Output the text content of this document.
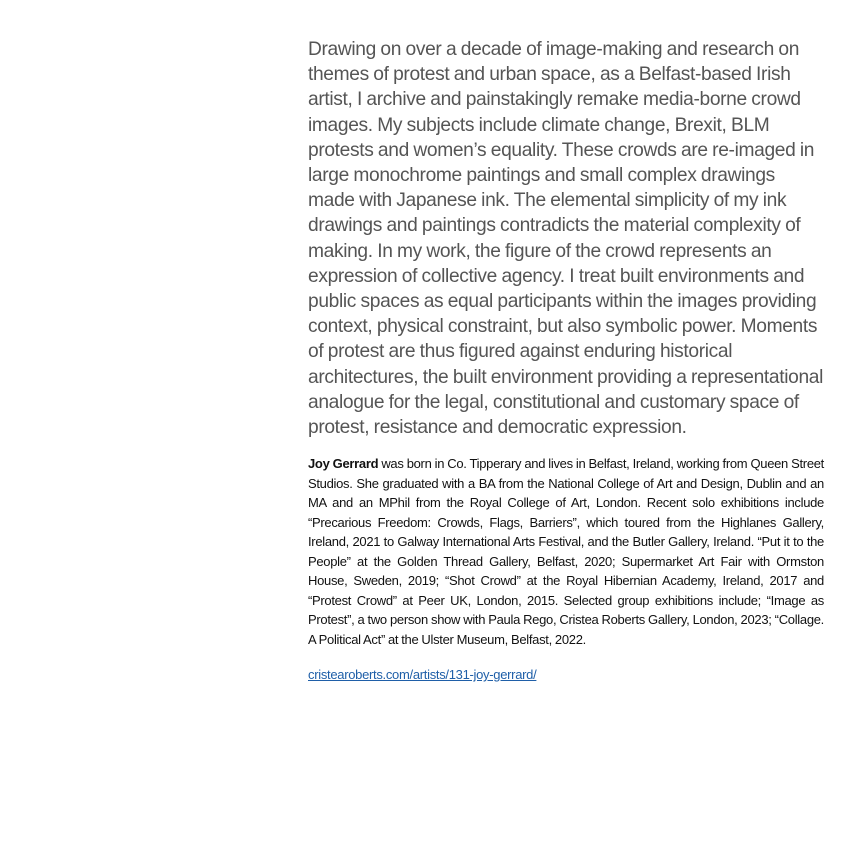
Drawing on over a decade of image-making and research on themes of protest and urban space, as a Belfast-based Irish artist, I archive and painstakingly remake media-borne crowd images. My subjects include climate change, Brexit, BLM protests and women’s equality. These crowds are re-imaged in large monochrome paintings and small complex drawings made with Japanese ink. The elemental simplicity of my ink drawings and paintings contradicts the material complexity of making. In my work, the figure of the crowd represents an expression of collective agency. I treat built environments and public spaces as equal participants within the images providing context, physical constraint, but also symbolic power. Moments of protest are thus figured against enduring historical architectures, the built environment providing a representational analogue for the legal, constitutional and customary space of protest, resistance and democratic expression.

Joy Gerrard was born in Co. Tipperary and lives in Belfast, Ireland, working from Queen Street Studios. She graduated with a BA from the National College of Art and Design, Dublin and an MA and an MPhil from the Royal College of Art, London. Recent solo exhibitions include “Precarious Freedom: Crowds, Flags, Barriers”, which toured from the Highlanes Gallery, Ireland, 2021 to Galway International Arts Festival, and the Butler Gallery, Ireland. “Put it to the People” at the Golden Thread Gallery, Belfast, 2020; Supermarket Art Fair with Ormston House, Sweden, 2019; “Shot Crowd” at the Royal Hibernian Academy, Ireland, 2017 and “Protest Crowd” at Peer UK, London, 2015. Selected group exhibitions include; “Image as Protest”, a two person show with Paula Rego, Cristea Roberts Gallery, London, 2023; “Collage. A Political Act” at the Ulster Museum, Belfast, 2022.

cristearoberts.com/artists/131-joy-gerrard/
